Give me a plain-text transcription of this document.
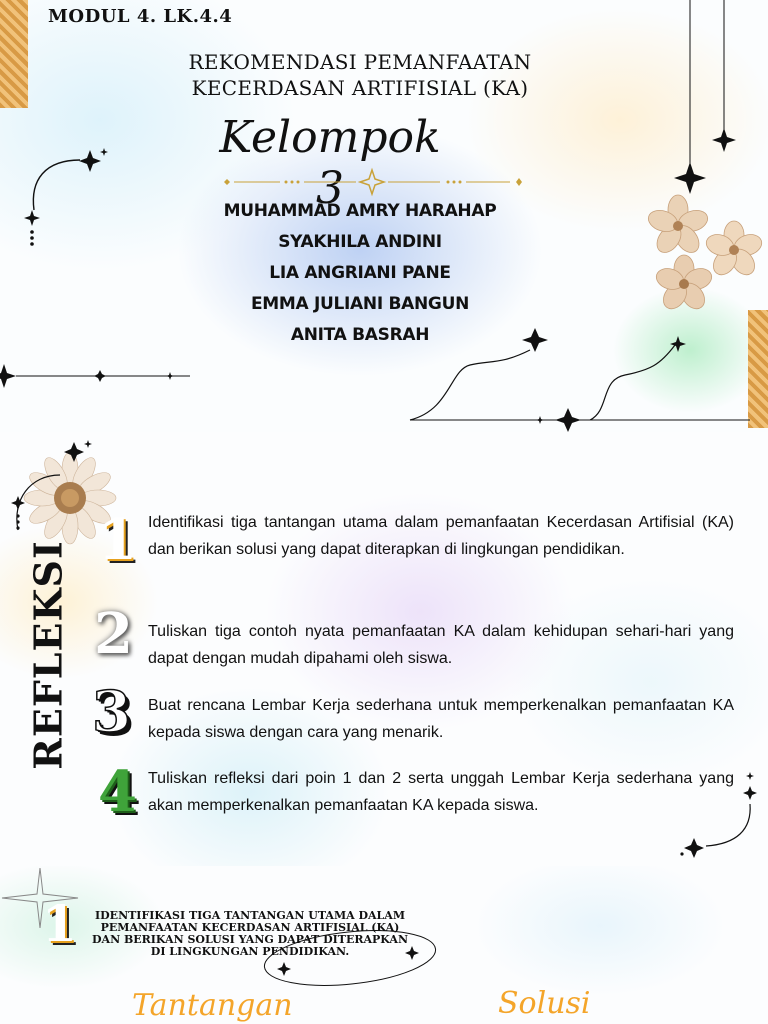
MODUL 4. LK.4.4
REKOMENDASI PEMANFAATAN
KECERDASAN ARTIFISIAL (KA)
Kelompok 3
MUHAMMAD AMRY HARAHAP
SYAKHILA ANDINI
LIA ANGRIANI PANE
EMMA JULIANI BANGUN
ANITA BASRAH
REFLEKSI
1 Identifikasi tiga tantangan utama dalam pemanfaatan Kecerdasan Artifisial (KA) dan berikan solusi yang dapat diterapkan di lingkungan pendidikan.
2 Tuliskan tiga contoh nyata pemanfaatan KA dalam kehidupan sehari-hari yang dapat dengan mudah dipahami oleh siswa.
3 Buat rencana Lembar Kerja sederhana untuk memperkenalkan pemanfaatan KA kepada siswa dengan cara yang menarik.
4 Tuliskan refleksi dari poin 1 dan 2 serta unggah Lembar Kerja sederhana yang akan memperkenalkan pemanfaatan KA kepada siswa.
1	IDENTIFIKASI TIGA TANTANGAN UTAMA DALAM PEMANFAATAN KECERDASAN ARTIFISIAL (KA) DAN BERIKAN SOLUSI YANG DAPAT DITERAPKAN DI LINGKUNGAN PENDIDIKAN.
Tantangan	Solusi
